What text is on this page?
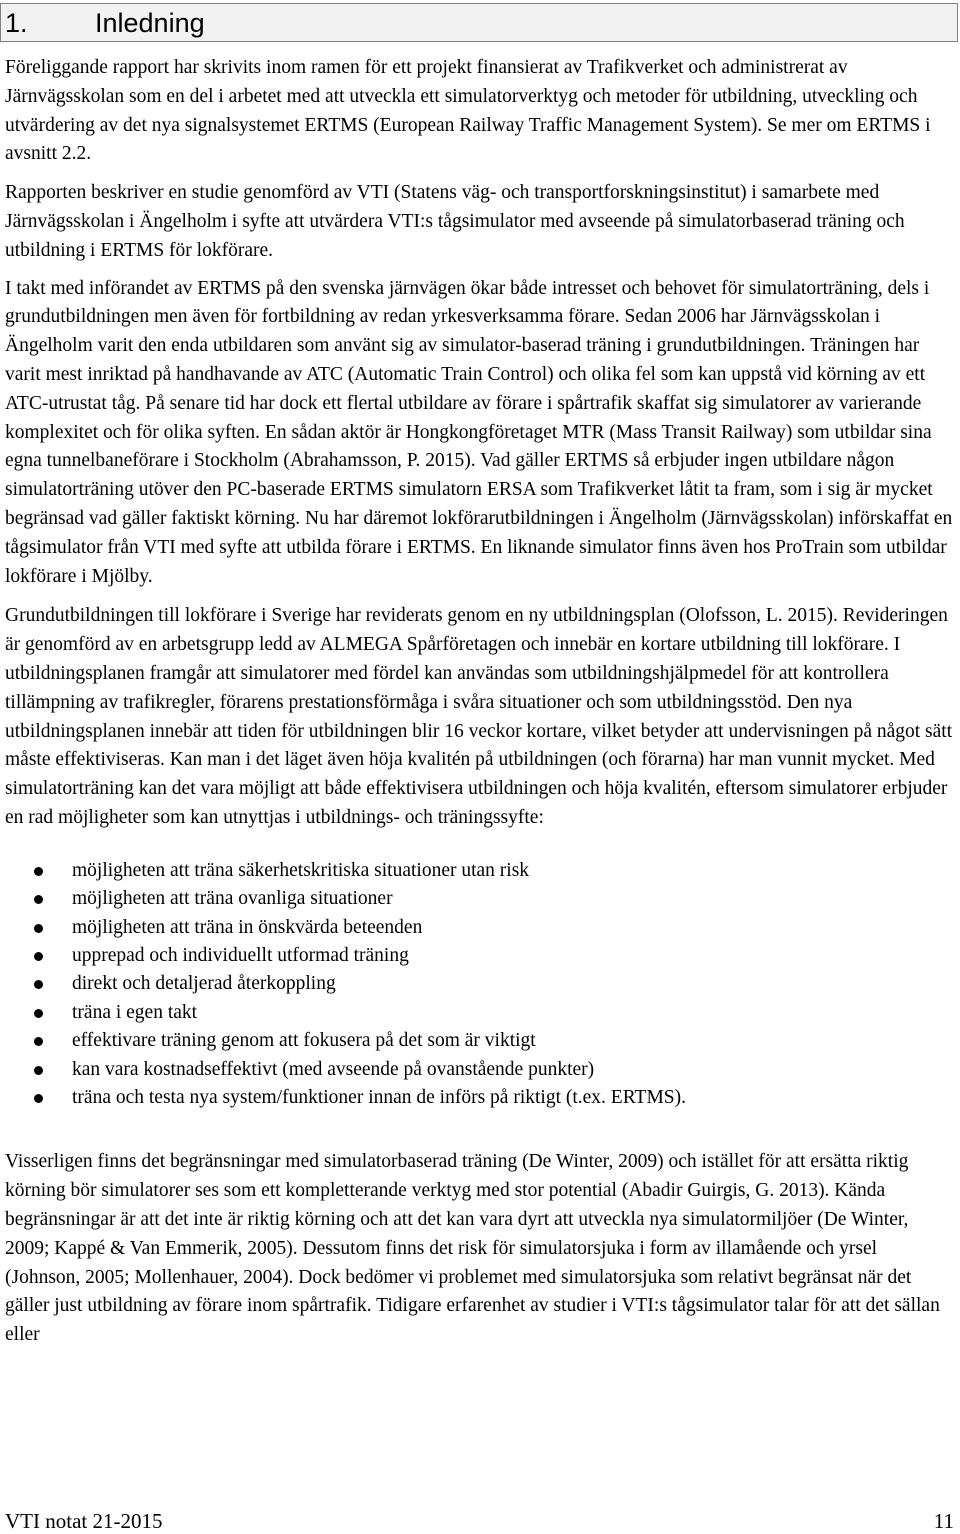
1. Inledning

Föreliggande rapport har skrivits inom ramen för ett projekt finansierat av Trafikverket och administrerat av Järnvägsskolan som en del i arbetet med att utveckla ett simulatorverktyg och metoder för utbildning, utveckling och utvärdering av det nya signalsystemet ERTMS (European Railway Traffic Management System). Se mer om ERTMS i avsnitt 2.2.

Rapporten beskriver en studie genomförd av VTI (Statens väg- och transportforskningsinstitut) i samarbete med Järnvägsskolan i Ängelholm i syfte att utvärdera VTI:s tågsimulator med avseende på simulatorbaserad träning och utbildning i ERTMS för lokförare.

I takt med införandet av ERTMS på den svenska järnvägen ökar både intresset och behovet för simulatorträning, dels i grundutbildningen men även för fortbildning av redan yrkesverksamma förare. Sedan 2006 har Järnvägsskolan i Ängelholm varit den enda utbildaren som använt sig av simulator-baserad träning i grundutbildningen. Träningen har varit mest inriktad på handhavande av ATC (Automatic Train Control) och olika fel som kan uppstå vid körning av ett ATC-utrustat tåg. På senare tid har dock ett flertal utbildare av förare i spårtrafik skaffat sig simulatorer av varierande komplexitet och för olika syften. En sådan aktör är Hongkongföretaget MTR (Mass Transit Railway) som utbildar sina egna tunnelbaneförare i Stockholm (Abrahamsson, P. 2015). Vad gäller ERTMS så erbjuder ingen utbildare någon simulatorträning utöver den PC-baserade ERTMS simulatorn ERSA som Trafikverket låtit ta fram, som i sig är mycket begränsad vad gäller faktiskt körning. Nu har däremot lokförarutbildningen i Ängelholm (Järnvägsskolan) införskaffat en tågsimulator från VTI med syfte att utbilda förare i ERTMS. En liknande simulator finns även hos ProTrain som utbildar lokförare i Mjölby.

Grundutbildningen till lokförare i Sverige har reviderats genom en ny utbildningsplan (Olofsson, L. 2015). Revideringen är genomförd av en arbetsgrupp ledd av ALMEGA Spårföretagen och innebär en kortare utbildning till lokförare. I utbildningsplanen framgår att simulatorer med fördel kan användas som utbildningshjälpmedel för att kontrollera tillämpning av trafikregler, förarens prestationsförmåga i svåra situationer och som utbildningsstöd. Den nya utbildningsplanen innebär att tiden för utbildningen blir 16 veckor kortare, vilket betyder att undervisningen på något sätt måste effektiviseras. Kan man i det läget även höja kvalitén på utbildningen (och förarna) har man vunnit mycket. Med simulatorträning kan det vara möjligt att både effektivisera utbildningen och höja kvalitén, eftersom simulatorer erbjuder en rad möjligheter som kan utnyttjas i utbildnings- och träningssyfte:

möjligheten att träna säkerhetskritiska situationer utan risk
möjligheten att träna ovanliga situationer
möjligheten att träna in önskvärda beteenden
upprepad och individuellt utformad träning
direkt och detaljerad återkoppling
träna i egen takt
effektivare träning genom att fokusera på det som är viktigt
kan vara kostnadseffektivt (med avseende på ovanstående punkter)
träna och testa nya system/funktioner innan de införs på riktigt (t.ex. ERTMS).

Visserligen finns det begränsningar med simulatorbaserad träning (De Winter, 2009) och istället för att ersätta riktig körning bör simulatorer ses som ett kompletterande verktyg med stor potential (Abadir Guirgis, G. 2013). Kända begränsningar är att det inte är riktig körning och att det kan vara dyrt att utveckla nya simulatormiljöer (De Winter, 2009; Kappé & Van Emmerik, 2005). Dessutom finns det risk för simulatorsjuka i form av illamående och yrsel (Johnson, 2005; Mollenhauer, 2004). Dock bedömer vi problemet med simulatorsjuka som relativt begränsat när det gäller just utbildning av förare inom spårtrafik. Tidigare erfarenhet av studier i VTI:s tågsimulator talar för att det sällan eller

VTI notat 21-2015	11
